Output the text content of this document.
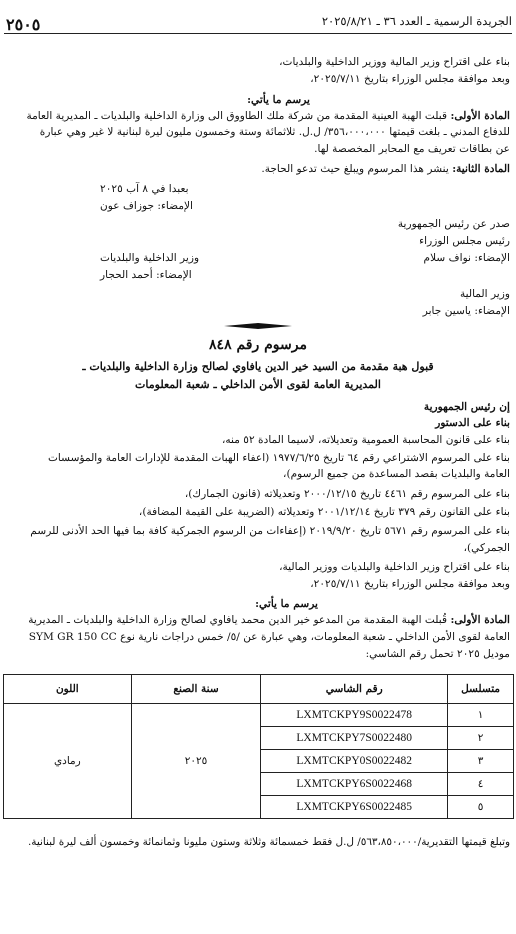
٢٥٠٥	الجريدة الرسمية ـ العدد ٣٦ ـ ٢٠٢٥/٨/٢١
بناء على اقتراح وزير المالية ووزير الداخلية والبلديات،
وبعد موافقة مجلس الوزراء بتاريخ ٢٠٢٥/٧/١١،
يرسم ما يأتي:
المادة الأولى: قبلت الهبة العينية المقدمة من شركة ملك الطاووق الى وزارة الداخلية والبلديات ـ المديرية العامة
للدفاع المدني ـ بلغت قيمتها ٣٥٦،٠٠٠،٠٠٠/ ل.ل. ثلاثمائة وستة وخمسون مليون ليرة لبنانية لا غير وهي عبارة
عن بطاقات تعريف مع المحابر المخصصة لها.
المادة الثانية: ينشر هذا المرسوم ويبلغ حيث تدعو الحاجة.
بعبدا في ٨ آب ٢٠٢٥
الإمضاء: جوزاف عون
صدر عن رئيس الجمهورية
رئيس مجلس الوزراء
الإمضاء: نواف سلام
وزير الداخلية والبلديات
الإمضاء: أحمد الحجار
وزير المالية
الإمضاء: ياسين جابر
مرسوم رقم ٨٤٨
قبول هبة مقدمة من السيد خير الدين يافاوي لصالح وزارة الداخلية والبلديات ـ
المديرية العامة لقوى الأمن الداخلي ـ شعبة المعلومات
إن رئيس الجمهورية
بناء على الدستور
بناء على قانون المحاسبة العمومية وتعديلاته، لاسيما المادة ٥٢ منه،
بناء على المرسوم الاشتراعي رقم ٦٤ تاريخ ١٩٧٧/٦/٢٥ (اعفاء الهبات المقدمة للإدارات العامة والمؤسسات
العامة والبلديات بقصد المساعدة من جميع الرسوم)،
بناء على المرسوم رقم ٤٤٦١ تاريخ ٢٠٠٠/١٢/١٥ وتعديلاته (قانون الجمارك)،
بناء على القانون رقم ٣٧٩ تاريخ ٢٠٠١/١٢/١٤ وتعديلاته (الضريبة على القيمة المضافة)،
بناء على المرسوم رقم ٥٦٧١ تاريخ ٢٠١٩/٩/٢٠ (إعفاءات من الرسوم الجمركية كافة بما فيها الحد الأدنى للرسم
الجمركي)،
بناء على اقتراح وزير الداخلية والبلديات ووزير المالية،
وبعد موافقة مجلس الوزراء بتاريخ ٢٠٢٥/٧/١١،
يرسم ما يأتي:
المادة الأولى: قُبلت الهبة المقدمة من المدعو خير الدين محمد يافاوي لصالح وزارة الداخلية والبلديات ـ المديرية
العامة لقوى الأمن الداخلي ـ شعبة المعلومات، وهي عبارة عن /٥/ خمس دراجات نارية نوع SYM GR 150 CC
موديل ٢٠٢٥ تحمل رقم الشاسي:
متسلسل	رقم الشاسي	سنة الصنع	اللون
١	LXMTCKPY9S0022478	٢٠٢٥	رمادي
٢	LXMTCKPY7S0022480		
٣	LXMTCKPY0S0022482		
٤	LXMTCKPY6S0022468		
٥	LXMTCKPY6S0022485		
وتبلغ قيمتها التقديرية/٥٦٣،٨٥٠،٠٠٠/ ل.ل فقط خمسمائة وثلاثة وستون مليونا وثمانمائة وخمسون ألف ليرة لبنانية.
